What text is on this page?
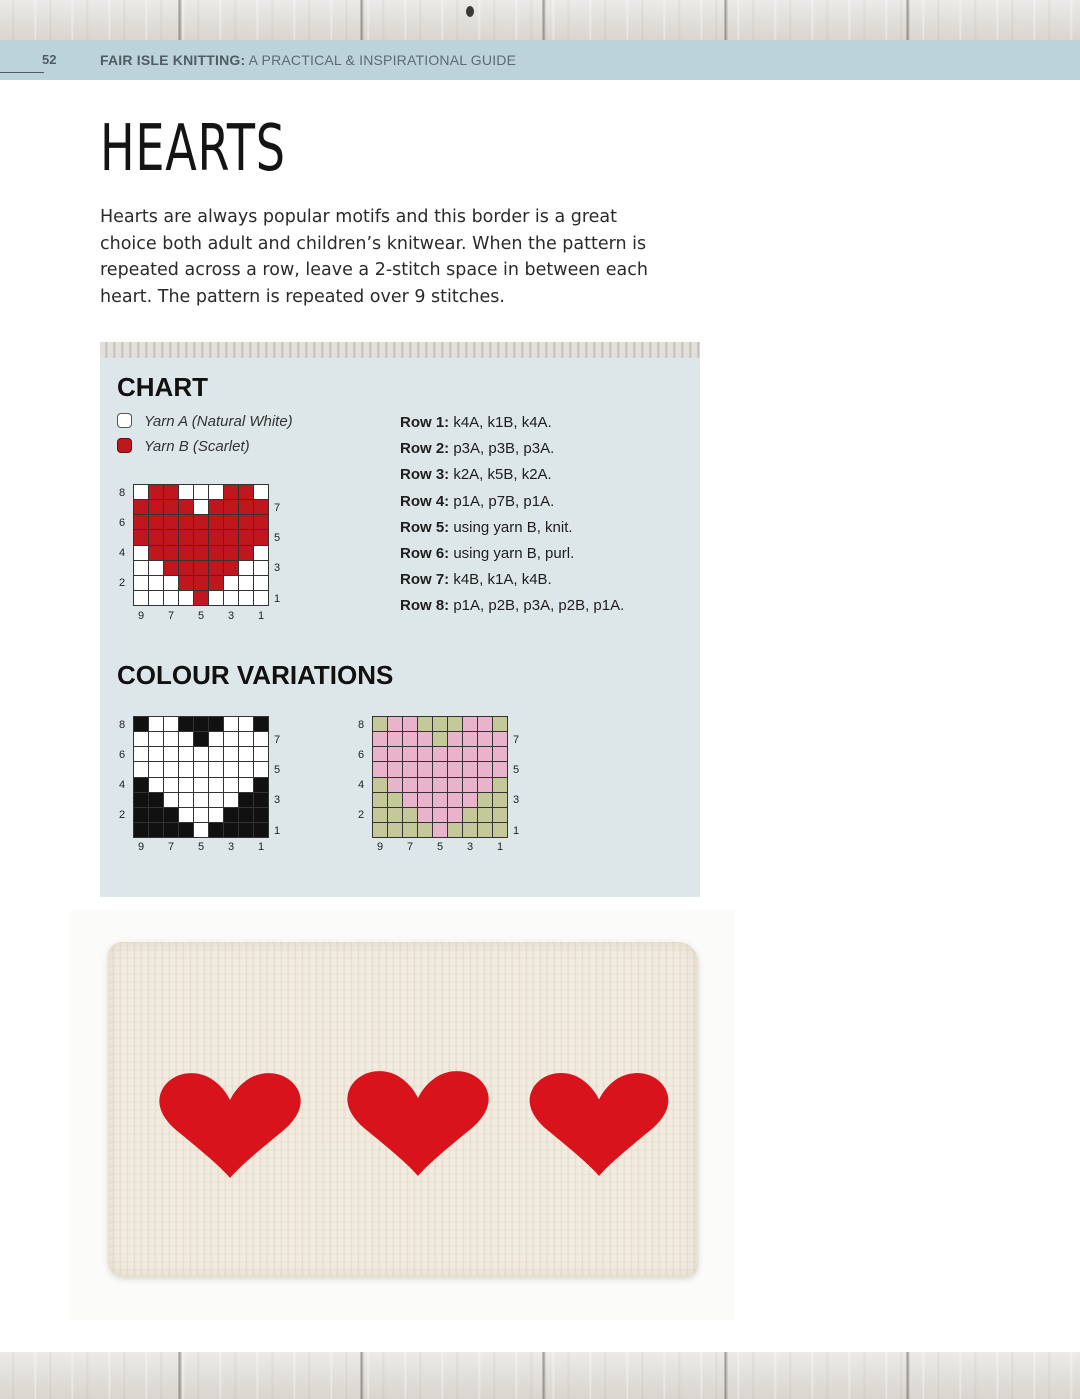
52	FAIR ISLE KNITTING: A PRACTICAL & INSPIRATIONAL GUIDE
HEARTS

Hearts are always popular motifs and this border is a great choice both adult and children’s knitwear. When the pattern is repeated across a row, leave a 2-stitch space in between each heart. The pattern is repeated over 9 stitches.

CHART
Yarn A (Natural White)
Yarn B (Scarlet)
8
6
4
2
7
5
3
1
9 7 5 3 1
Row 1: k4A, k1B, k4A.
Row 2: p3A, p3B, p3A.
Row 3: k2A, k5B, k2A.
Row 4: p1A, p7B, p1A.
Row 5: using yarn B, knit.
Row 6: using yarn B, purl.
Row 7: k4B, k1A, k4B.
Row 8: p1A, p2B, p3A, p2B, p1A.
COLOUR VARIATIONS
8
6
4
2
7
5
3
1
9 7 5 3 1
8
6
4
2
7
5
3
1
9 7 5 3 1
